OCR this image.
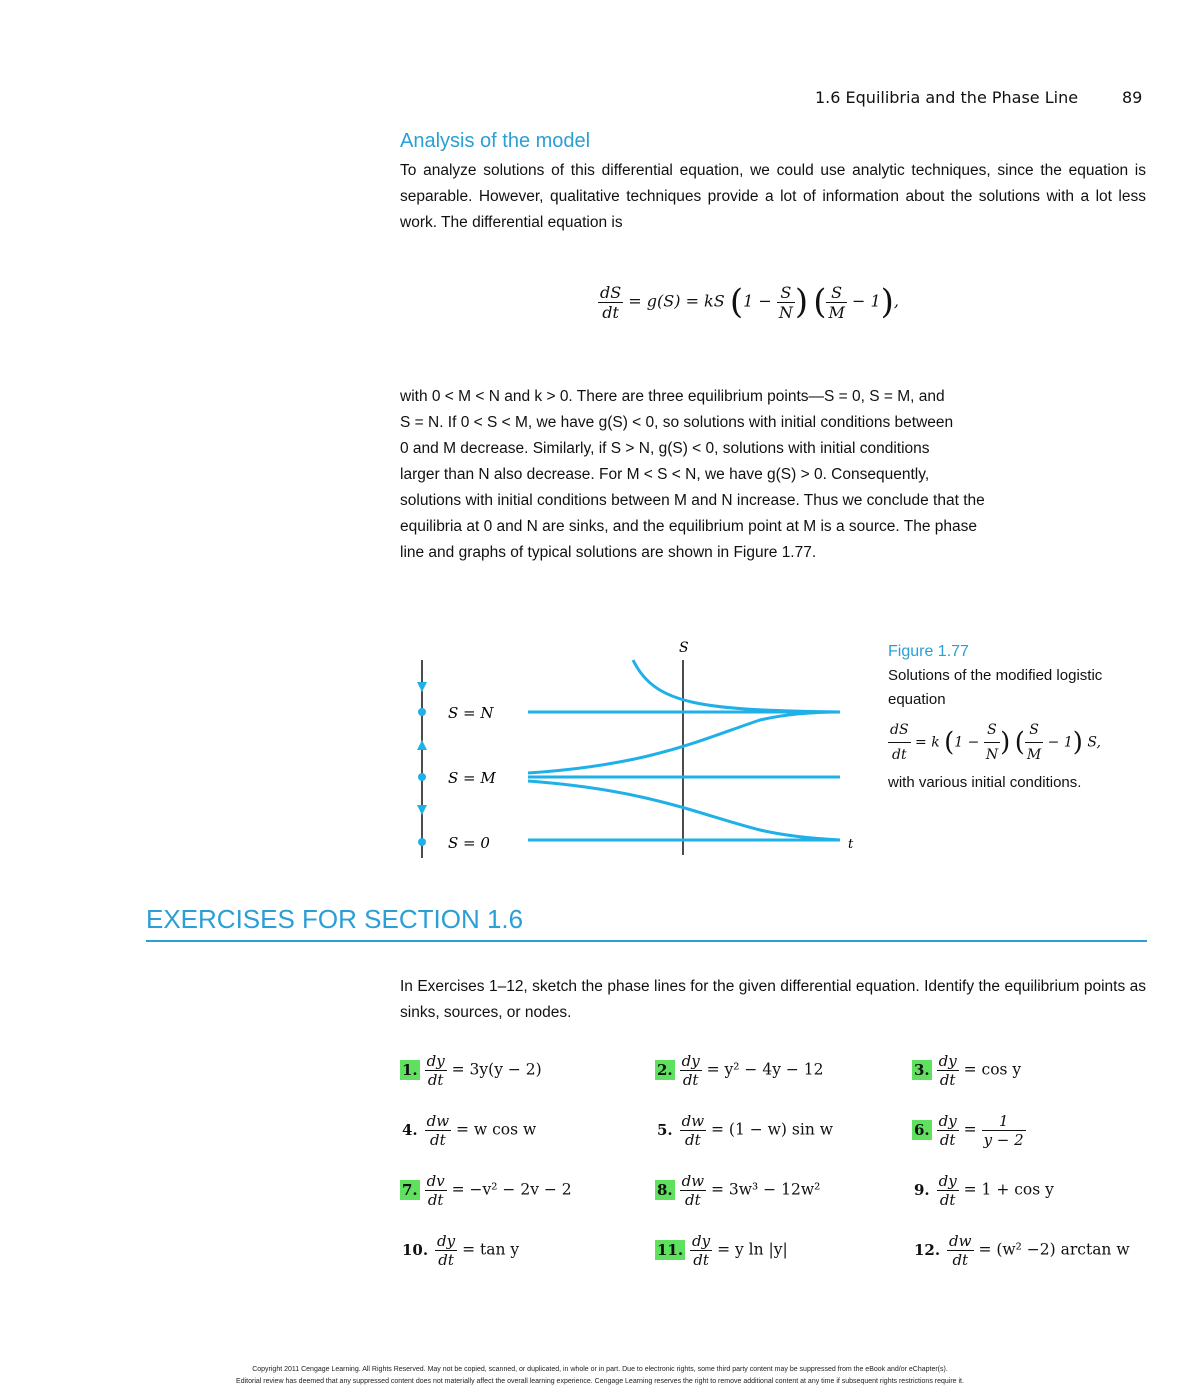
1.6 Equilibria and the Phase Line	89
Analysis of the model
To analyze solutions of this differential equation, we could use analytic techniques, since the equation is separable. However, qualitative techniques provide a lot of information about the solutions with a lot less work. The differential equation is
$\frac{dS}{dt} = g(S)$ = kS ($1 - \frac{S}{N}$ ) ( $\frac{S}{M} - 1$),
with 0 < M < N and k > 0. There are three equilibrium points—S = 0, S = M, and
S = N. If 0 < S < M, we have g(S) < 0, so solutions with initial conditions between
0 and M decrease. Similarly, if S > N, g(S) < 0, solutions with initial conditions
larger than N also decrease. For M < S < N, we have g(S) > 0. Consequently,
solutions with initial conditions between M and N increase. Thus we conclude that the
equilibria at 0 and N are sinks, and the equilibrium point at M is a source. The phase
line and graphs of typical solutions are shown in Figure 1.77.
S = N
S = M
S = 0
S
t
Figure 1.77
Solutions of the modified logistic equation
$\frac{dS}{dt} = k$ ($1 - \frac{S}{N}$ ) ( $\frac{S}{M} - 1$) S,
with various initial conditions.
EXERCISES FOR SECTION 1.6
In Exercises 1–12, sketch the phase lines for the given differential equation. Identify the equilibrium points as sinks, sources, or nodes.
1. $\frac{dy}{dt} = 3y(y - 2)$	2. $\frac{dy}{dt} = y^2 - 4y - 12$	3. $\frac{dy}{dt} = \cos y$
4. $\frac{dw}{dt} = w$ cos w	5. $\frac{dw}{dt} = (1 - w)$ sin w	6. $\frac{dy}{dt} = \frac{1}{y - 2}$
7. $\frac{dv}{dt} = -v^2 - 2v - 2$	8. $\frac{dw}{dt} = 3w^3 - 12w^2$	9. $\frac{dy}{dt} = 1 + \cos y$
10. $\frac{dy}{dt} = \tan y$	11. $\frac{dy}{dt} = y$ ln |y|	12. $\frac{dw}{dt} = (w^2 -2)$ arctan w
Copyright 2011 Cengage Learning. All Rights Reserved. May not be copied, scanned, or duplicated, in whole or in part. Due to electronic rights, some third party content may be suppressed from the eBook and/or eChapter(s).
Editorial review has deemed that any suppressed content does not materially affect the overall learning experience. Cengage Learning reserves the right to remove additional content at any time if subsequent rights restrictions require it.
